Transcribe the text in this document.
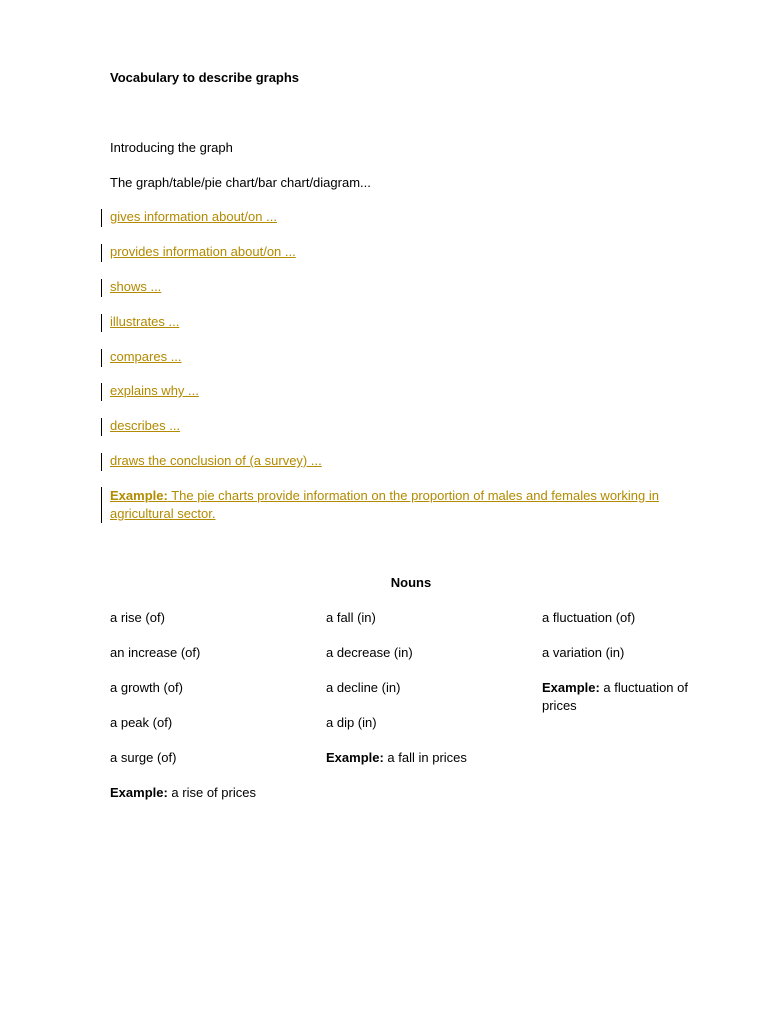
Vocabulary to describe graphs
Introducing the graph
The graph/table/pie chart/bar chart/diagram...
gives information about/on ...
provides information about/on ...
shows ...
illustrates ...
compares ...
explains why ...
describes ...
draws the conclusion of (a survey) ...
Example: The pie charts provide information on the proportion of males and females working in agricultural sector.
Nouns
a rise (of)
an increase (of)
a growth (of)
a peak (of)
a surge (of)
Example: a rise of prices
a fall (in)
a decrease (in)
a decline (in)
a dip (in)
Example: a fall in prices
a fluctuation (of)
a variation (in)
Example: a fluctuation of prices
